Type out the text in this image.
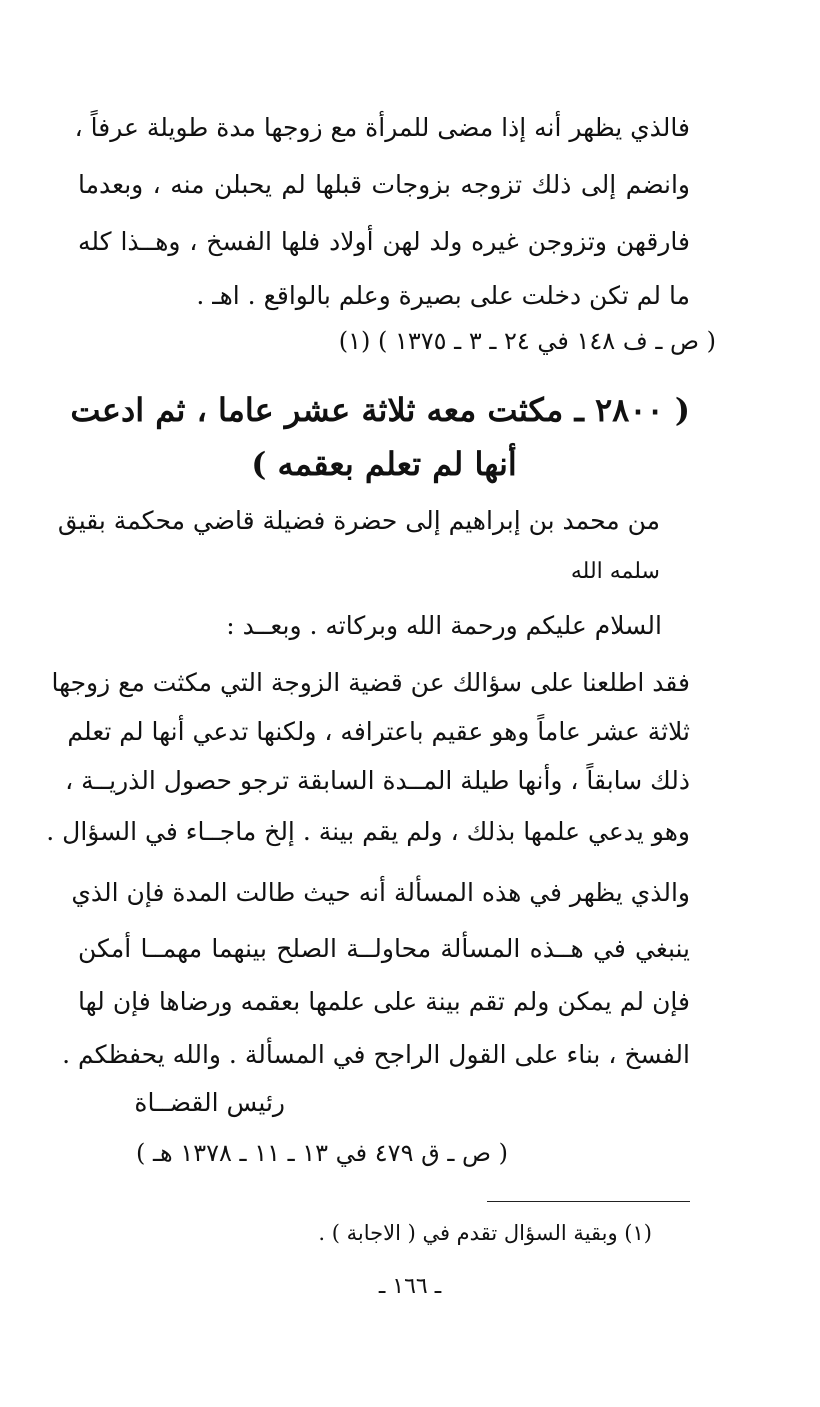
فالذي يظهر أنه إذا مضى للمرأة مع زوجها مدة طويلة عرفاً ،
وانضم إلى ذلك تزوجه بزوجات قبلها لم يحبلن منه ، وبعدما
فارقهن وتزوجن غيره ولد لهن أولاد فلها الفسخ ، وهــذا كله
ما لم تكن دخلت على بصيرة وعلم بالواقع . اهـ .
( ص ـ ف ١٤٨ في ٢٤ ـ ٣ ـ ١٣٧٥ ) (١)
( ٢٨٠٠ ـ مكثت معه ثلاثة عشر عاما ، ثم ادعت
أنها لم تعلم بعقمه )
من محمد بن إبراهيم إلى حضرة فضيلة قاضي محكمة بقيق
سلمه الله
السلام عليكم ورحمة الله وبركاته . وبعــد :
فقد اطلعنا على سؤالك عن قضية الزوجة التي مكثت مع زوجها
ثلاثة عشر عاماً وهو عقيم باعترافه ، ولكنها تدعي أنها لم تعلم
ذلك سابقاً ، وأنها طيلة المــدة السابقة ترجو حصول الذريــة ،
وهو يدعي علمها بذلك ، ولم يقم بينة . إلخ ماجــاء في السؤال .
والذي يظهر في هذه المسألة أنه حيث طالت المدة فإن الذي
ينبغي في هــذه المسألة محاولــة الصلح بينهما مهمــا أمكن
فإن لم يمكن ولم تقم بينة على علمها بعقمه ورضاها فإن لها
الفسخ ، بناء على القول الراجح في المسألة . والله يحفظكم .
رئيس القضــاة
( ص ـ ق ٤٧٩ في ١٣ ـ ١١ ـ ١٣٧٨ هـ )
(١) وبقية السؤال تقدم في ( الاجابة ) .
ـ ١٦٦ ـ
